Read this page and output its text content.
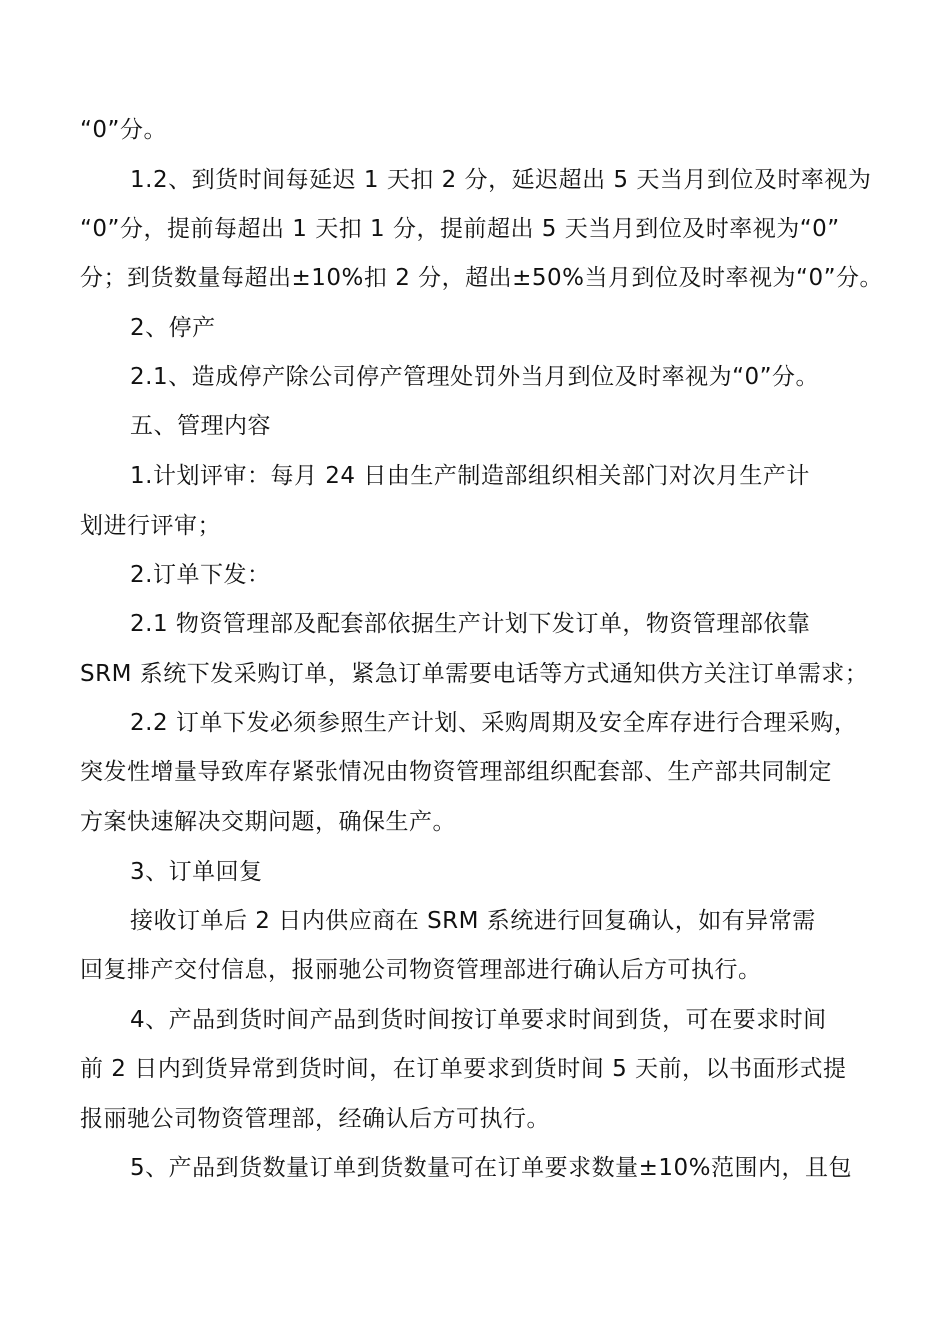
“0”分。
1.2、到货时间每延迟 1 天扣 2 分，延迟超出 5 天当月到位及时率视为
“0”分，提前每超出 1 天扣 1 分，提前超出 5 天当月到位及时率视为“0”
分；到货数量每超出±10%扣 2 分，超出±50%当月到位及时率视为“0”分。
2、停产
2.1、造成停产除公司停产管理处罚外当月到位及时率视为“0”分。
五、管理内容
1.计划评审：每月 24 日由生产制造部组织相关部门对次月生产计
划进行评审；
2.订单下发：
2.1 物资管理部及配套部依据生产计划下发订单，物资管理部依靠
SRM 系统下发采购订单，紧急订单需要电话等方式通知供方关注订单需求；
2.2 订单下发必须参照生产计划、采购周期及安全库存进行合理采购，
突发性增量导致库存紧张情况由物资管理部组织配套部、生产部共同制定
方案快速解决交期问题，确保生产。
3、订单回复
接收订单后 2 日内供应商在 SRM 系统进行回复确认，如有异常需
回复排产交付信息，报丽驰公司物资管理部进行确认后方可执行。
4、产品到货时间产品到货时间按订单要求时间到货，可在要求时间
前 2 日内到货异常到货时间，在订单要求到货时间 5 天前，以书面形式提
报丽驰公司物资管理部，经确认后方可执行。
5、产品到货数量订单到货数量可在订单要求数量±10%范围内，且包
